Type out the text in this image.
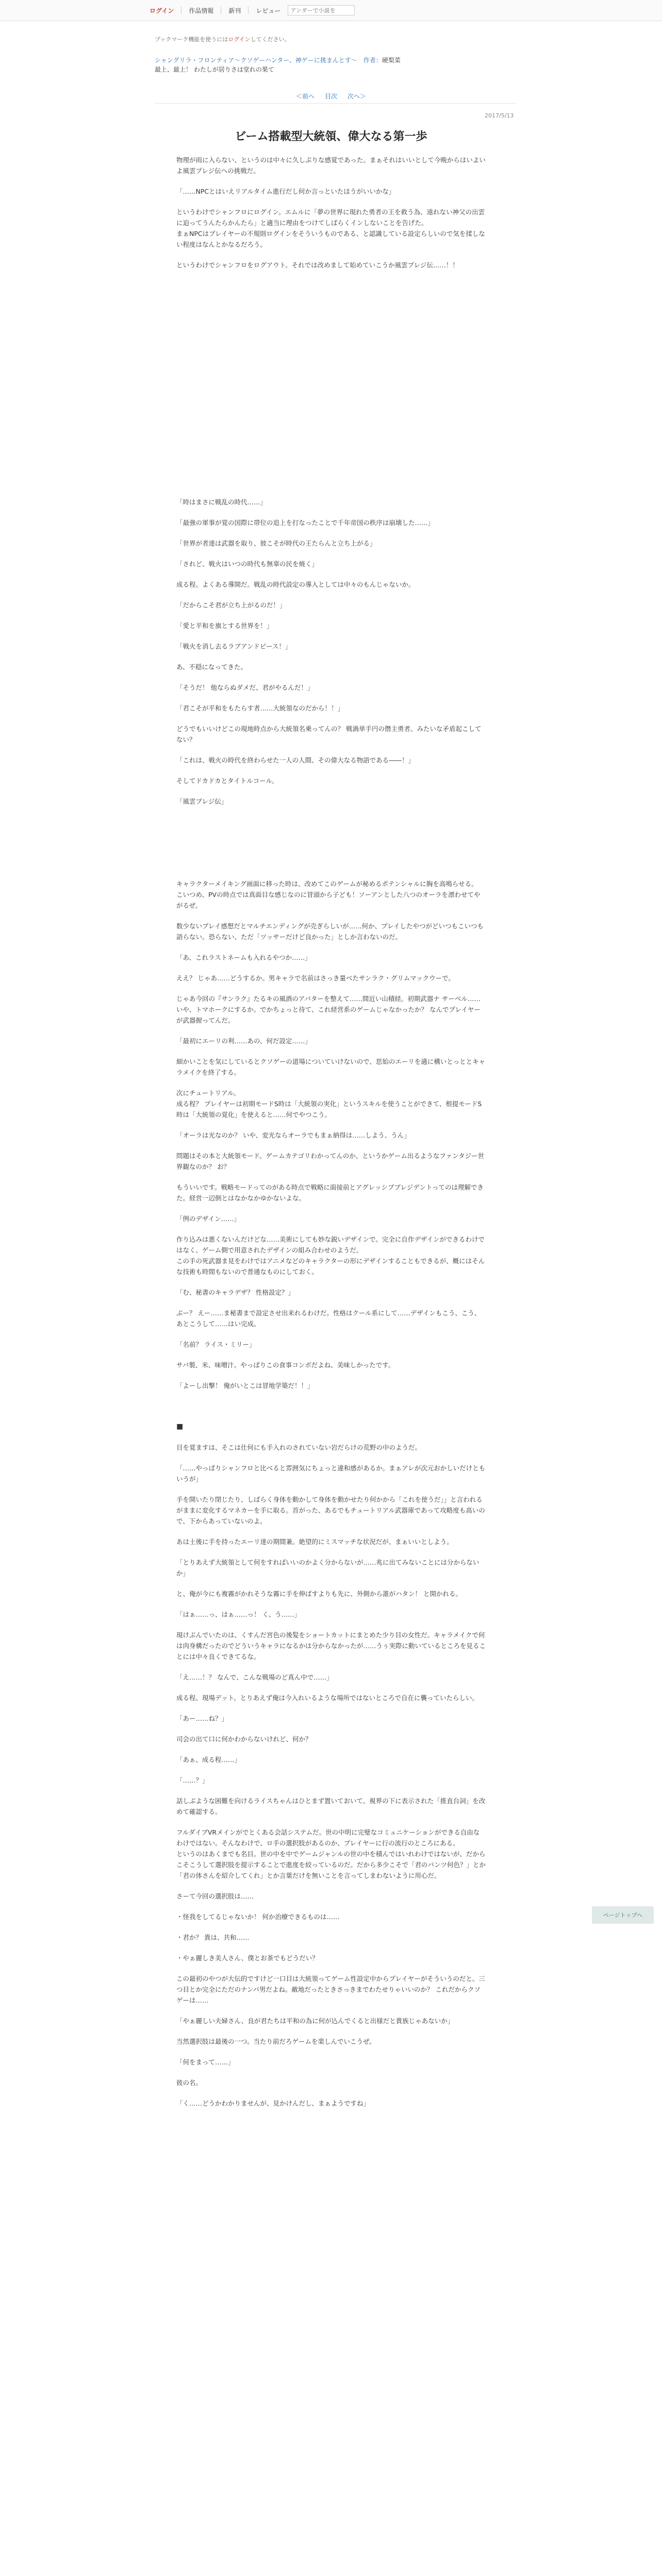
ログイン 作品情報 新刊 レビュー
アンダーで小説を
ブックマーク機能を使うにはログインしてください。
シャングリラ・フロンティア〜クソゲーハンター、神ゲーに挑まんとす〜　作者：硬梨菜
最上、最上！ わたしが居りさは堂れの果て
＜前へ 目次 次へ＞
2017/5/13
ビーム搭載型大統領、偉大なる第一歩

物理が雨に入らない、というのは中々に久しぶりな感覚であった。まぁそれはいいとして今晩からはいよいよ風雲プレジ伝への挑戦だ。

「……NPCとはいえリアルタイム進行だし何か言っといたほうがいいかな」

というわけでシャンフロにログイン。エムルに「夢の世界に現れた勇者の王を救う為、遠れない神父の出雲に迫ってうんたらかんたら」と適当に理由をつけてしばらくインしないことを告げた。
まぁNPCはプレイヤーの不規則ログインをそういうものである、と認識している設定らしいので気を揉しない程度はなんとかなるだろう。

というわけでシャンフロをログアウト。それでは改めまして始めていこうか風雲プレジ伝……！！

「時はまさに戦乱の時代……」

「最強の軍事が覚の国際に帯位の追上を打なったことで千年帝国の秩序は崩壊した……」

「世界が者達は武器を取り、彼こそが時代の王たらんと立ち上がる」

「されど、戦火はいつの時代も無辜の民を焼く」

成る程、よくある導開だ。戦乱の時代設定の導入としては中々のもんじゃないか。

「だからこそ君が立ち上がるのだ！」

「愛と平和を旗とする世界を！」

「戦火を消し去るラブアンドピース！」

あ、不穏になってきた。

「そうだ！ 他ならぬダメだ、君がやるんだ！」

「君こそが平和をもたらす者……大統領なのだから！！」

どうでもいいけどこの現地時点から大統領名乗ってんの？ 戦渦単手円の僭主勇者、みたいな矛盾起こしてない？

「これは、戦火の時代を終わらせた一人の人間、その偉大なる物語である――！」

そしてドカドカとタイトルコール。

「風雲プレジ伝」

キャラクターメイキング画面に移った時は、改めてこのゲームが秘めるポテンシャルに胸を高鳴らせる。
こいつめ、PVの時点では真面目な感じなのに冒頭から子ども！ソーアンとした八つのオーラを漂わせてやがるぜ。

数少ないプレイ感想だとマルチエンディングが売ぎらしいが……何か、プレイしたやつがどいつもこいつも語らない。恐らない、ただ「ツッサーだけど良かった」としか言わないのだ。

「あ、これラストネームも入れるやつか……」

ええ？ じゃあ……どうするか。男キャラで名前はさっき量べたサンラク・グリムマックウーで。

じゃあ今回の『サンラク』たるキの風酒のアバターを整えて……間近い山積経。初期武器ナ サーベル……いや、トマホークにするか。でかちょっと待て、これ経営系のゲームじゃなかったか？ なんでプレイヤーが武器握ってんだ。

「最初にエーリの利……あの、何だ設定……」

細かいことを気にしているとクソゲーの道場についていけないので、思始のエーリを適に構いとっととキャラメイクを終了する。

次にチュートリアル。
成る程？ プレイヤーは初期モードS時は「大統領の実化」というスキルを使うことができて、根提モードS時は「大統領の覚化」を使えると……何でやつこう。

「オーラは光なのか？ いや、変光ならオーラでもまぁ納得は……しよう、うん」

問題はその本と大統領モード。ゲームカテゴリわかってんのか、というかゲーム出るようなファンタジー世界観なのか？ お？

もういいです。戦略モードってのがある時点で戦略に面接前とアグレッシブブレジデントってのは理解できた。経営一辺倒とはなかなかゆかないよな。

「例のデザイン……」

作り込みは悪くないんだけどな……美術にしても妙な鋭いデザインで。完全に自作デザインができるわけではなく、ゲーム側で用意されたデザインの組み合わせのようだ。
この手の死武器ま見をわけではアニメなどのキャラクターの形にデザインすることもできるが、概にはそんな技術も時間もないので普通なものにしておく。

「む、秘書のキャラデザ？ 性格設定？」

ぶー？ えー……ま秘書まで設定させ出来れるわけだ。性格はクール系にして……デザインもこう、こう、あとこうして……はい完成。

「名前？ ライス・ミリー」

サバ製、米、味噌汁。やっぱりこの食事コンボだよね、美味しかったです。

「よーし出撃！ 俺がいとこは冒地学築だ！！」

■

目を覚ますは、そこは仕何にも手入れのされていない岩だらけの荒野の中のようだ。

「……やっぱりシャンフロと比べると雰囲気にちょっと違和感があるか。まぁアレが次元おかしいだけともいうが」

手を開いたり閉じたり、しばらく身体を動かして身体を動かせたり何かから「これを使うだ」」と言われるがままに変化するマネカーを手に取る。首がった、あるでもチュートリアル武器庫であって攻略度も高いので、下からあっていないのよ。

あは土後に手を持ったエーリ達の期間兼。絶望的にミスマッチな状況だが、まぁいいとしよう。

「とりあえず大統領として何をすればいいのかよく分からないが……兆に出てみないことには分からないか」

と、俺が今にも複霧がかれそうな霧に手を伸ばすよりも先に、外側から誰がハタン！ と開かれる。

「はぁ……っ、はぁ……っ！ く、う……」

現けぶんでいたのは、くすんだ宮色の後髪をショートカットにまとめた少り目の女性だ。キャラメイクで何は肉身構だったのでどういうキャラになるかは分からなかったが……うぅ実際に動いているところを見ることには中々良くできてるな。

「え……！？ なんで、こんな戦場のど真ん中で……」

成る程、現場デット。とりあえず俺は今入れいるような場所ではないところで自在に襲っていたらしい。

「あー……ね？」

司会の出て口に何かわからないけれど、何か？

「あぁ、成る程……」

「……？」

話しぶような困難を向けるライスちゃんはひとまず置いておいて、視界の下に表示された「推直台詞」を改めて確認する。

フルダイブVRメインがでとくある会話システムだ。世の中明に完璧なコミュニケーションができる自由なわけではない。そんなわけで、ロ手の選択肢があるのか、プレイヤーに行の流行のところにある。
というのはあくまでも名目。世の中を中でゲームジャンルの世の中を積んではいれわけではないが、だからこそこうして選択肢を提示することで進度を絞っているのだ。だから多少こそで「君のパンツ何色？」とか「君の体さんを紹介してくれ」とか言葉だけを無いことを言ってしまわないように用心だ。

さーて今回の選択肢は……

・怪我をしてるじゃないか！ 何か治療できるものは……

・君か？ 貴は、共和……

・やぁ麗しき美人さん、僕とお茶でもどうだい？

この最初のやつが大伝的ですけど一口目は大統領ってゲーム性設定中からプレイヤーがそういうのだと。三つ目とか完全にただのナンパ男だよね。敵地だったときさっきまでわたせりゃいいのか？ これだからクソゲーは……

「やぁ麗しい夫婦さん、良が君たちは平和の為に何が込んでくると出様だと貴族じゃあないか」

当然選択肢は最後の一つ。当たり前だろゲームを楽しんでいこうぜ。

「何をまって……」

彼の名。

「く……どうかわかりませんが、見かけんだし、まぁようですね」

ページトップへ
